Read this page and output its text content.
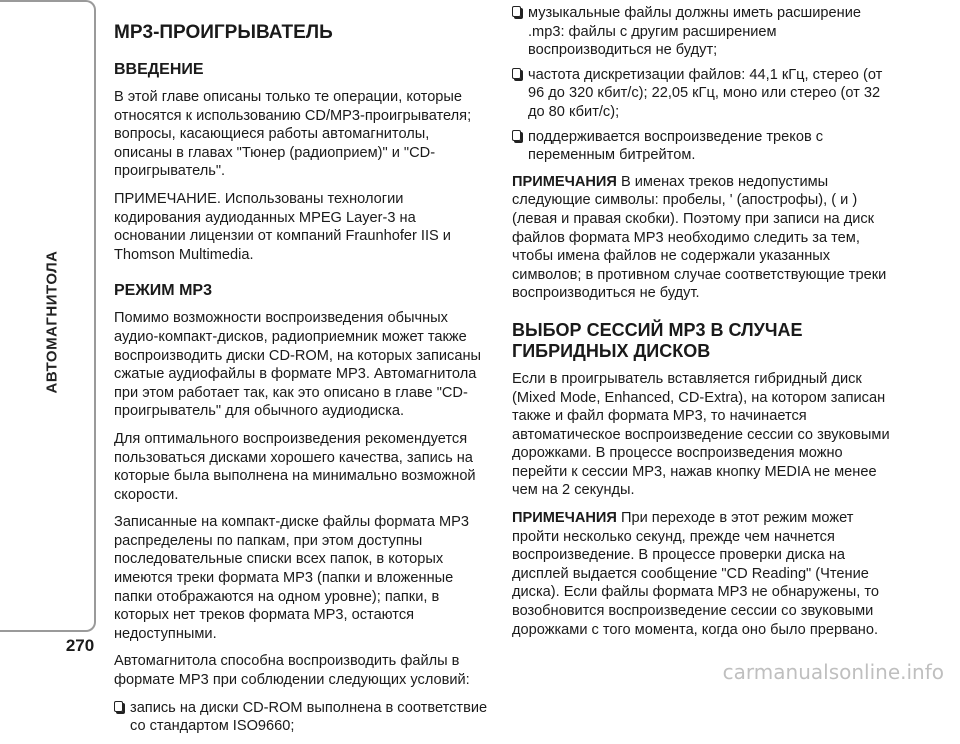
АВТОМАГНИТОЛА
270
MP3-ПРОИГРЫВАТЕЛЬ
ВВЕДЕНИЕ

В этой главе описаны только те операции, которые относятся к использованию CD/MP3-проигрывателя; вопросы, касающиеся работы автомагнитолы, описаны в главах "Тюнер (радиоприем)" и "CD-проигрыватель".

ПРИМЕЧАНИЕ. Использованы технологии кодирования аудиоданных MPEG Layer-3 на основании лицензии от компаний Fraunhofer IIS и Thomson Multimedia.

РЕЖИМ MP3

Помимо возможности воспроизведения обычных аудио-компакт-дисков, радиоприемник может также воспроизводить диски CD-ROM, на которых записаны сжатые аудиофайлы в формате MP3. Автомагнитола при этом работает так, как это описано в главе "CD-проигрыватель" для обычного аудиодиска.

Для оптимального воспроизведения рекомендуется пользоваться дисками хорошего качества, запись на которые была выполнена на минимально возможной скорости.

Записанные на компакт-диске файлы формата MP3 распределены по папкам, при этом доступны последовательные списки всех папок, в которых имеются треки формата MP3 (папки и вложенные папки отображаются на одном уровне); папки, в которых нет треков формата MP3, остаются недоступными.

Автомагнитола способна воспроизводить файлы в формате MP3 при соблюдении следующих условий:

запись на диски CD-ROM выполнена в соответствие со стандартом ISO9660;
музыкальные файлы должны иметь расширение .mp3: файлы с другим расширением воспроизводиться не будут;
частота дискретизации файлов: 44,1 кГц, стерео (от 96 до 320 кбит/с); 22,05 кГц, моно или стерео (от 32 до 80 кбит/с);
поддерживается воспроизведение треков с переменным битрейтом.

ПРИМЕЧАНИЯ В именах треков недопустимы следующие символы: пробелы, ' (апострофы), ( и ) (левая и правая скобки). Поэтому при записи на диск файлов формата MP3 необходимо следить за тем, чтобы имена файлов не содержали указанных символов; в противном случае соответствующие треки воспроизводиться не будут.

ВЫБОР СЕССИЙ MP3 В СЛУЧАЕ ГИБРИДНЫХ ДИСКОВ

Если в проигрыватель вставляется гибридный диск (Mixed Mode, Enhanced, CD-Extra), на котором записан также и файл формата MP3, то начинается автоматическое воспроизведение сессии со звуковыми дорожками. В процессе воспроизведения можно перейти к сессии MP3, нажав кнопку MEDIA не менее чем на 2 секунды.

ПРИМЕЧАНИЯ При переходе в этот режим может пройти несколько секунд, прежде чем начнется воспроизведение. В процессе проверки диска на дисплей выдается сообщение "CD Reading" (Чтение диска). Если файлы формата MP3 не обнаружены, то возобновится воспроизведение сессии со звуковыми дорожками с того момента, когда оно было прервано.

carmanualsonline.info
